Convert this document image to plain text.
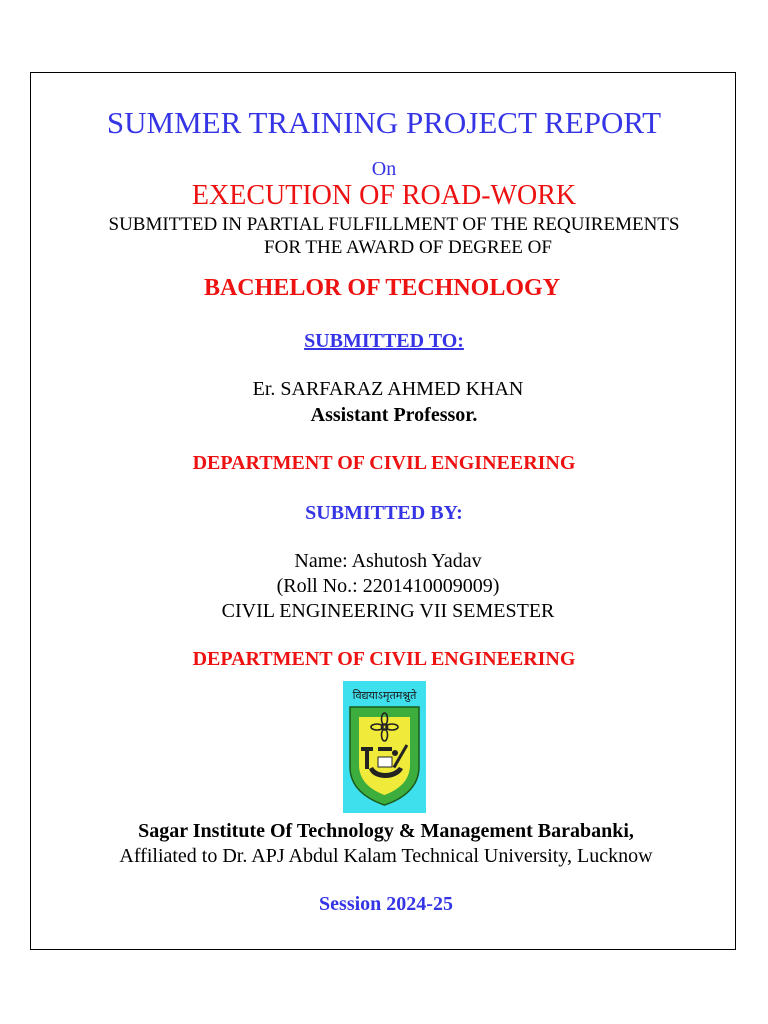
SUMMER TRAINING PROJECT REPORT
On
EXECUTION OF ROAD-WORK
SUBMITTED IN PARTIAL FULFILLMENT OF THE REQUIREMENTS
FOR THE AWARD OF DEGREE OF
BACHELOR OF TECHNOLOGY
SUBMITTED TO:
Er. SARFARAZ AHMED KHAN
Assistant Professor.
DEPARTMENT OF CIVIL ENGINEERING
SUBMITTED BY:
Name: Ashutosh Yadav
(Roll No.: 2201410009009)
CIVIL ENGINEERING VII SEMESTER
DEPARTMENT OF CIVIL ENGINEERING
विद्ययाऽमृतमश्नुते
Sagar Institute Of Technology & Management Barabanki,
Affiliated to Dr. APJ Abdul Kalam Technical University, Lucknow
Session 2024-25
